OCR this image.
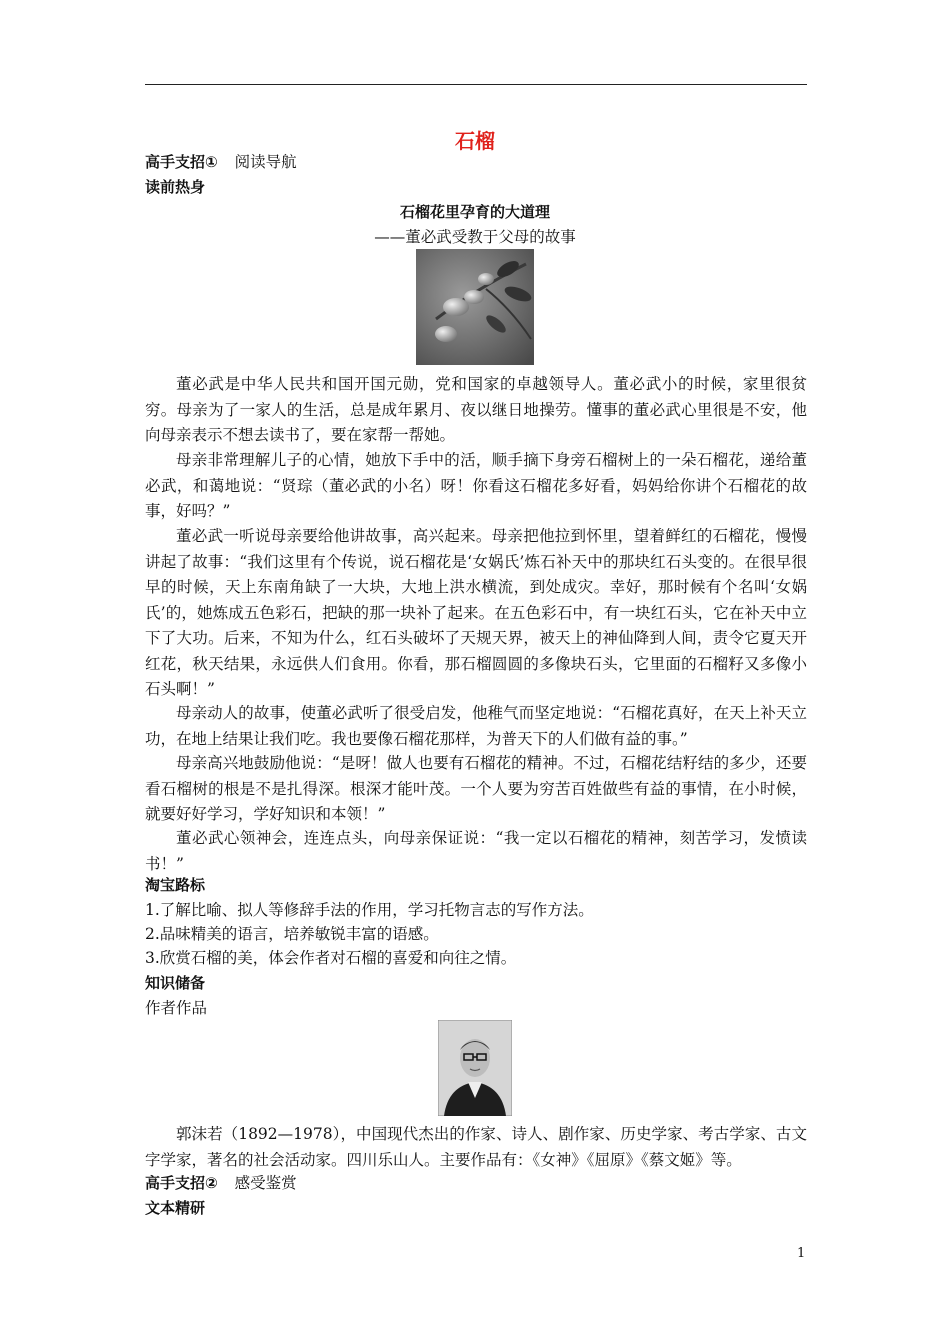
石榴
高手支招① 阅读导航
读前热身
石榴花里孕育的大道理
——董必武受教于父母的故事
董必武是中华人民共和国开国元勋，党和国家的卓越领导人。董必武小的时候，家里很贫穷。母亲为了一家人的生活，总是成年累月、夜以继日地操劳。懂事的董必武心里很是不安，他向母亲表示不想去读书了，要在家帮一帮她。
母亲非常理解儿子的心情，她放下手中的活，顺手摘下身旁石榴树上的一朵石榴花，递给董必武，和蔼地说：“贤琮（董必武的小名）呀！你看这石榴花多好看，妈妈给你讲个石榴花的故事，好吗？”
董必武一听说母亲要给他讲故事，高兴起来。母亲把他拉到怀里，望着鲜红的石榴花，慢慢讲起了故事：“我们这里有个传说，说石榴花是‘女娲氏’炼石补天中的那块红石头变的。在很早很早的时候，天上东南角缺了一大块，大地上洪水横流，到处成灾。幸好，那时候有个名叫‘女娲氏’的，她炼成五色彩石，把缺的那一块补了起来。在五色彩石中，有一块红石头，它在补天中立下了大功。后来，不知为什么，红石头破坏了天规天界，被天上的神仙降到人间，责令它夏天开红花，秋天结果，永远供人们食用。你看，那石榴圆圆的多像块石头，它里面的石榴籽又多像小石头啊！”
母亲动人的故事，使董必武听了很受启发，他稚气而坚定地说：“石榴花真好，在天上补天立功，在地上结果让我们吃。我也要像石榴花那样，为普天下的人们做有益的事。”
母亲高兴地鼓励他说：“是呀！做人也要有石榴花的精神。不过，石榴花结籽结的多少，还要看石榴树的根是不是扎得深。根深才能叶茂。一个人要为穷苦百姓做些有益的事情，在小时候，就要好好学习，学好知识和本领！”
董必武心领神会，连连点头，向母亲保证说：“我一定以石榴花的精神，刻苦学习，发愤读书！”
淘宝路标
1.了解比喻、拟人等修辞手法的作用，学习托物言志的写作方法。
2.品味精美的语言，培养敏锐丰富的语感。
3.欣赏石榴的美，体会作者对石榴的喜爱和向往之情。
知识储备
作者作品
郭沫若（1892—1978），中国现代杰出的作家、诗人、剧作家、历史学家、考古学家、古文字学家，著名的社会活动家。四川乐山人。主要作品有：《女神》《屈原》《蔡文姬》等。
高手支招② 感受鉴赏
文本精研
1
